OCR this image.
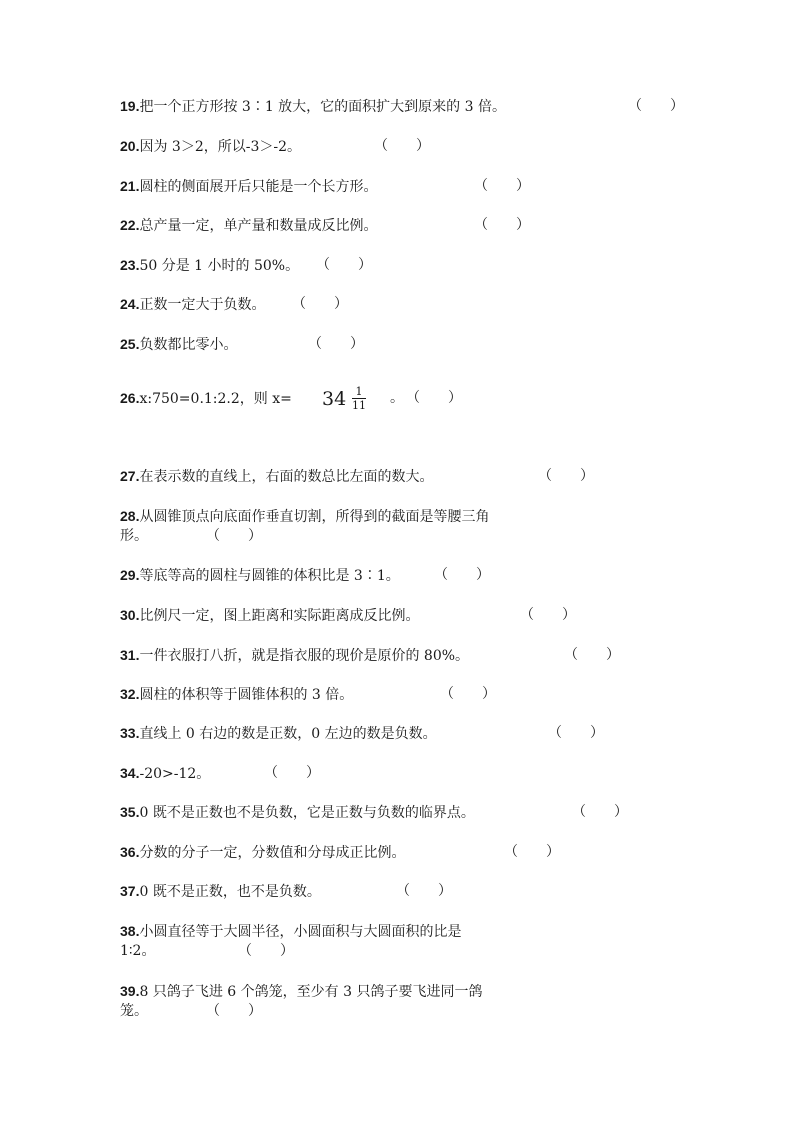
19.把一个正方形按 3∶1 放大，它的面积扩大到原来的 3 倍。	（　　）
20.因为 3＞2，所以-3＞-2。	（　　）
21.圆柱的侧面展开后只能是一个长方形。	（　　）
22.总产量一定，单产量和数量成反比例。	（　　）
23.50 分是 1 小时的 50%。 （　　）
24.正数一定大于负数。 （　　）
25.负数都比零小。	（　　）
26.x:750=0.1:2.2，则 x=	。 （　　）
$34 \frac{1}{11}$
27.在表示数的直线上，右面的数总比左面的数大。	（　　）
28.从圆锥顶点向底面作垂直切割，所得到的截面是等腰三角
形。	（　　）
29.等底等高的圆柱与圆锥的体积比是 3∶1。 （　　）
30.比例尺一定，图上距离和实际距离成反比例。	（　　）
31.一件衣服打八折，就是指衣服的现价是原价的 80%。	（　　）
32.圆柱的体积等于圆锥体积的 3 倍。	（　　）
33.直线上 0 右边的数是正数，0 左边的数是负数。	（　　）
34.-20>-12。	（　　）
35.0 既不是正数也不是负数，它是正数与负数的临界点。	（　　）
36.分数的分子一定，分数值和分母成正比例。	（　　）
37.0 既不是正数，也不是负数。	（　　）
38.小圆直径等于大圆半径，小圆面积与大圆面积的比是
1∶2。	（　　）
39.8 只鸽子飞进 6 个鸽笼，至少有 3 只鸽子要飞进同一鸽
笼。	（　　）
